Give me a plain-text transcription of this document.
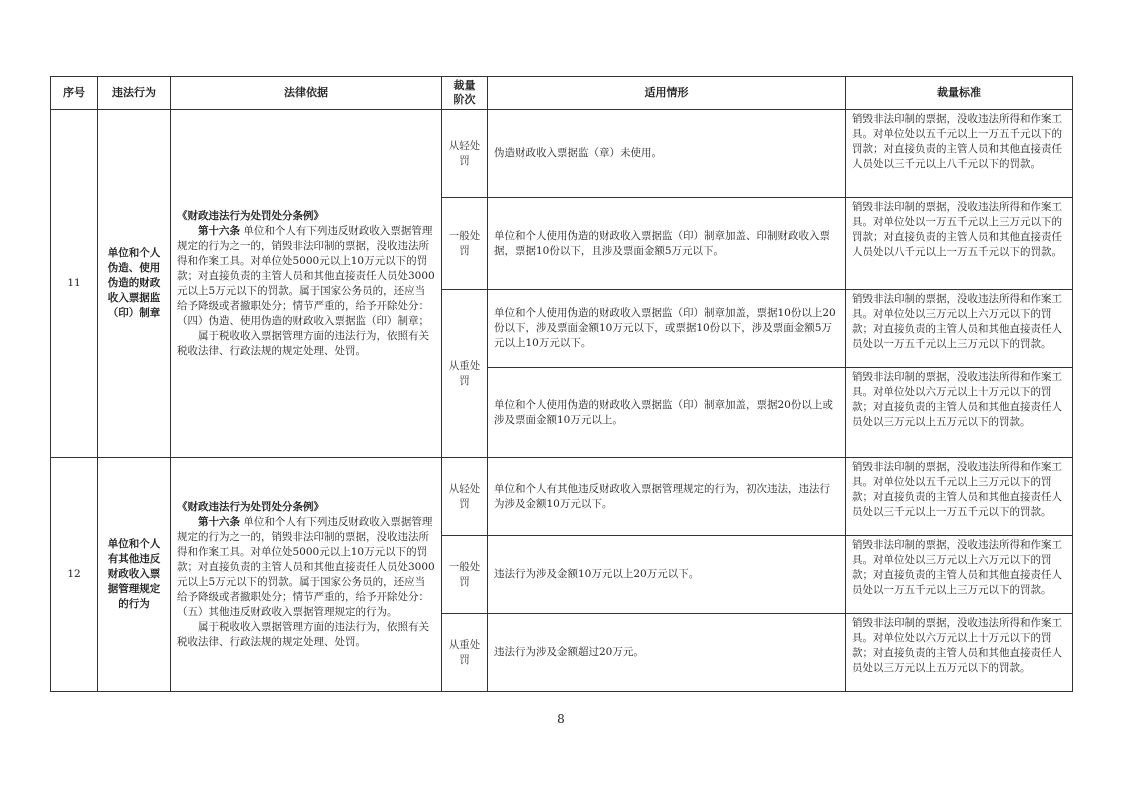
序号	违法行为	法律依据	裁量阶次	适用情形	裁量标准
11	单位和个人伪造、使用伪造的财政收入票据监（印）制章	《财政违法行为处罚处分条例》

第十六条 单位和个人有下列违反财政收入票据管理规定的行为之一的，销毁非法印制的票据，没收违法所得和作案工具。对单位处5000元以上10万元以下的罚款；对直接负责的主管人员和其他直接责任人员处3000元以上5万元以下的罚款。属于国家公务员的，还应当给予降级或者撤职处分；情节严重的，给予开除处分：

（四）伪造、使用伪造的财政收入票据监（印）制章；

属于税收收入票据管理方面的违法行为，依照有关税收法律、行政法规的规定处理、处罚。	从轻处罚	伪造财政收入票据监（章）未使用。	销毁非法印制的票据，没收违法所得和作案工具。对单位处以五千元以上一万五千元以下的罚款；对直接负责的主管人员和其他直接责任人员处以三千元以上八千元以下的罚款。
			一般处罚	单位和个人使用伪造的财政收入票据监（印）制章加盖、印制财政收入票据，票据10份以下，且涉及票面金额5万元以下。	销毁非法印制的票据，没收违法所得和作案工具。对单位处以一万五千元以上三万元以下的罚款；对直接负责的主管人员和其他直接责任人员处以八千元以上一万五千元以下的罚款。
			从重处罚	单位和个人使用伪造的财政收入票据监（印）制章加盖，票据10份以上20份以下，涉及票面金额10万元以下，或票据10份以下，涉及票面金额5万元以上10万元以下。	销毁非法印制的票据，没收违法所得和作案工具。对单位处以三万元以上六万元以下的罚款；对直接负责的主管人员和其他直接责任人员处以一万五千元以上三万元以下的罚款。
				单位和个人使用伪造的财政收入票据监（印）制章加盖，票据20份以上或涉及票面金额10万元以上。	销毁非法印制的票据，没收违法所得和作案工具。对单位处以六万元以上十万元以下的罚款；对直接负责的主管人员和其他直接责任人员处以三万元以上五万元以下的罚款。
12	单位和个人有其他违反财政收入票据管理规定的行为	《财政违法行为处罚处分条例》

第十六条 单位和个人有下列违反财政收入票据管理规定的行为之一的，销毁非法印制的票据，没收违法所得和作案工具。对单位处5000元以上10万元以下的罚款；对直接负责的主管人员和其他直接责任人员处3000元以上5万元以下的罚款。属于国家公务员的，还应当给予降级或者撤职处分；情节严重的，给予开除处分：

（五）其他违反财政收入票据管理规定的行为。

属于税收收入票据管理方面的违法行为，依照有关税收法律、行政法规的规定处理、处罚。	从轻处罚	单位和个人有其他违反财政收入票据管理规定的行为，初次违法，违法行为涉及金额10万元以下。	销毁非法印制的票据，没收违法所得和作案工具。对单位处以五千元以上三万元以下的罚款；对直接负责的主管人员和其他直接责任人员处以三千元以上一万五千元以下的罚款。
			一般处罚	违法行为涉及金额10万元以上20万元以下。	销毁非法印制的票据，没收违法所得和作案工具。对单位处以三万元以上六万元以下的罚款；对直接负责的主管人员和其他直接责任人员处以一万五千元以上三万元以下的罚款。
			从重处罚	违法行为涉及金额超过20万元。	销毁非法印制的票据，没收违法所得和作案工具。对单位处以六万元以上十万元以下的罚款；对直接负责的主管人员和其他直接责任人员处以三万元以上五万元以下的罚款。
8
